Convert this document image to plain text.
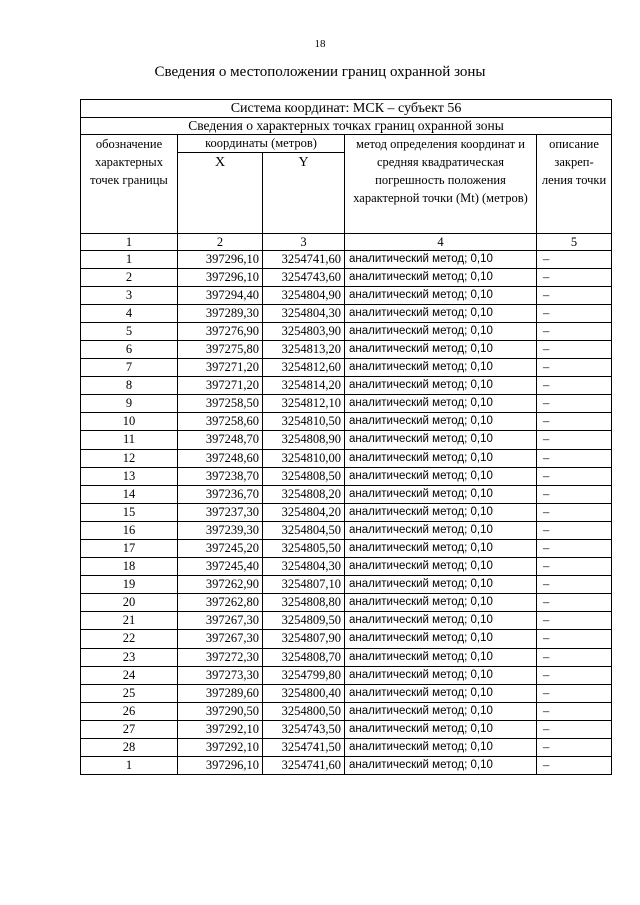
18
Сведения о местоположении границ охранной зоны
Система координат: МСК – субъект 56				
Сведения о характерных точках границ охранной зоны				
обозначение характерных точек границы	координаты (метров)		метод определения координат и средняя квадратическая погрешность положения характерной точки (Mt) (метров)	описание закреп-ления точки
	X	Y		
1	2	3	4	5
1	397296,10	3254741,60	аналитический метод; 0,10	–
2	397296,10	3254743,60	аналитический метод; 0,10	–
3	397294,40	3254804,90	аналитический метод; 0,10	–
4	397289,30	3254804,30	аналитический метод; 0,10	–
5	397276,90	3254803,90	аналитический метод; 0,10	–
6	397275,80	3254813,20	аналитический метод; 0,10	–
7	397271,20	3254812,60	аналитический метод; 0,10	–
8	397271,20	3254814,20	аналитический метод; 0,10	–
9	397258,50	3254812,10	аналитический метод; 0,10	–
10	397258,60	3254810,50	аналитический метод; 0,10	–
11	397248,70	3254808,90	аналитический метод; 0,10	–
12	397248,60	3254810,00	аналитический метод; 0,10	–
13	397238,70	3254808,50	аналитический метод; 0,10	–
14	397236,70	3254808,20	аналитический метод; 0,10	–
15	397237,30	3254804,20	аналитический метод; 0,10	–
16	397239,30	3254804,50	аналитический метод; 0,10	–
17	397245,20	3254805,50	аналитический метод; 0,10	–
18	397245,40	3254804,30	аналитический метод; 0,10	–
19	397262,90	3254807,10	аналитический метод; 0,10	–
20	397262,80	3254808,80	аналитический метод; 0,10	–
21	397267,30	3254809,50	аналитический метод; 0,10	–
22	397267,30	3254807,90	аналитический метод; 0,10	–
23	397272,30	3254808,70	аналитический метод; 0,10	–
24	397273,30	3254799,80	аналитический метод; 0,10	–
25	397289,60	3254800,40	аналитический метод; 0,10	–
26	397290,50	3254800,50	аналитический метод; 0,10	–
27	397292,10	3254743,50	аналитический метод; 0,10	–
28	397292,10	3254741,50	аналитический метод; 0,10	–
1	397296,10	3254741,60	аналитический метод; 0,10	–
